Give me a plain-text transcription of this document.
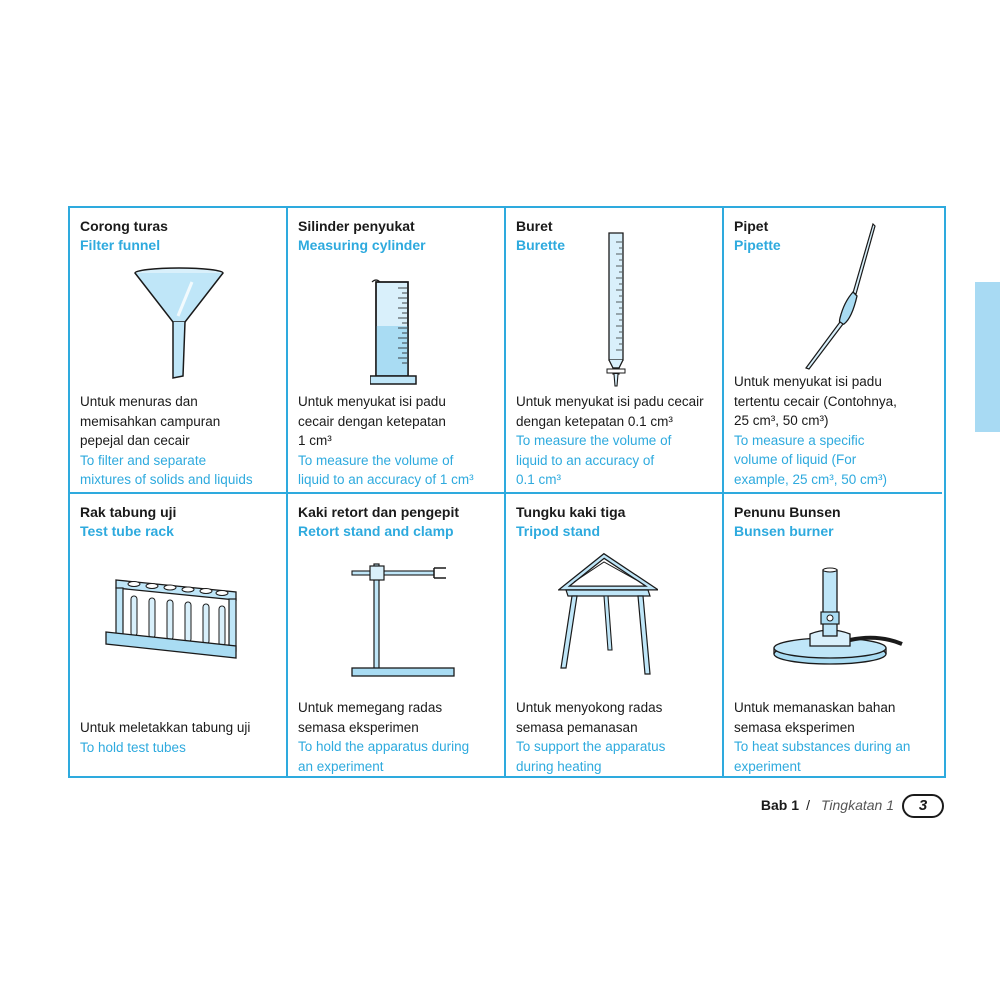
Corong turas
Filter funnel
Untuk menuras dan
memisahkan campuran
pepejal dan cecair
To filter and separate
mixtures of solids and liquids
Silinder penyukat
Measuring cylinder
Untuk menyukat isi padu
cecair dengan ketepatan
1 cm³
To measure the volume of
liquid to an accuracy of 1 cm³
Buret
Burette
Untuk menyukat isi padu cecair
dengan ketepatan 0.1 cm³
To measure the volume of
liquid to an accuracy of
0.1 cm³
Pipet
Pipette
Untuk menyukat isi padu
tertentu cecair (Contohnya,
25 cm³, 50 cm³)
To measure a specific
volume of liquid (For
example, 25 cm³, 50 cm³)
Rak tabung uji
Test tube rack
Untuk meletakkan tabung uji
To hold test tubes
Kaki retort dan pengepit
Retort stand and clamp
Untuk memegang radas
semasa eksperimen
To hold the apparatus during
an experiment
Tungku kaki tiga
Tripod stand
Untuk menyokong radas
semasa pemanasan
To support the apparatus
during heating
Penunu Bunsen
Bunsen burner
Untuk memanaskan bahan
semasa eksperimen
To heat substances during an
experiment
Bab 1 / Tingkatan 1	3
